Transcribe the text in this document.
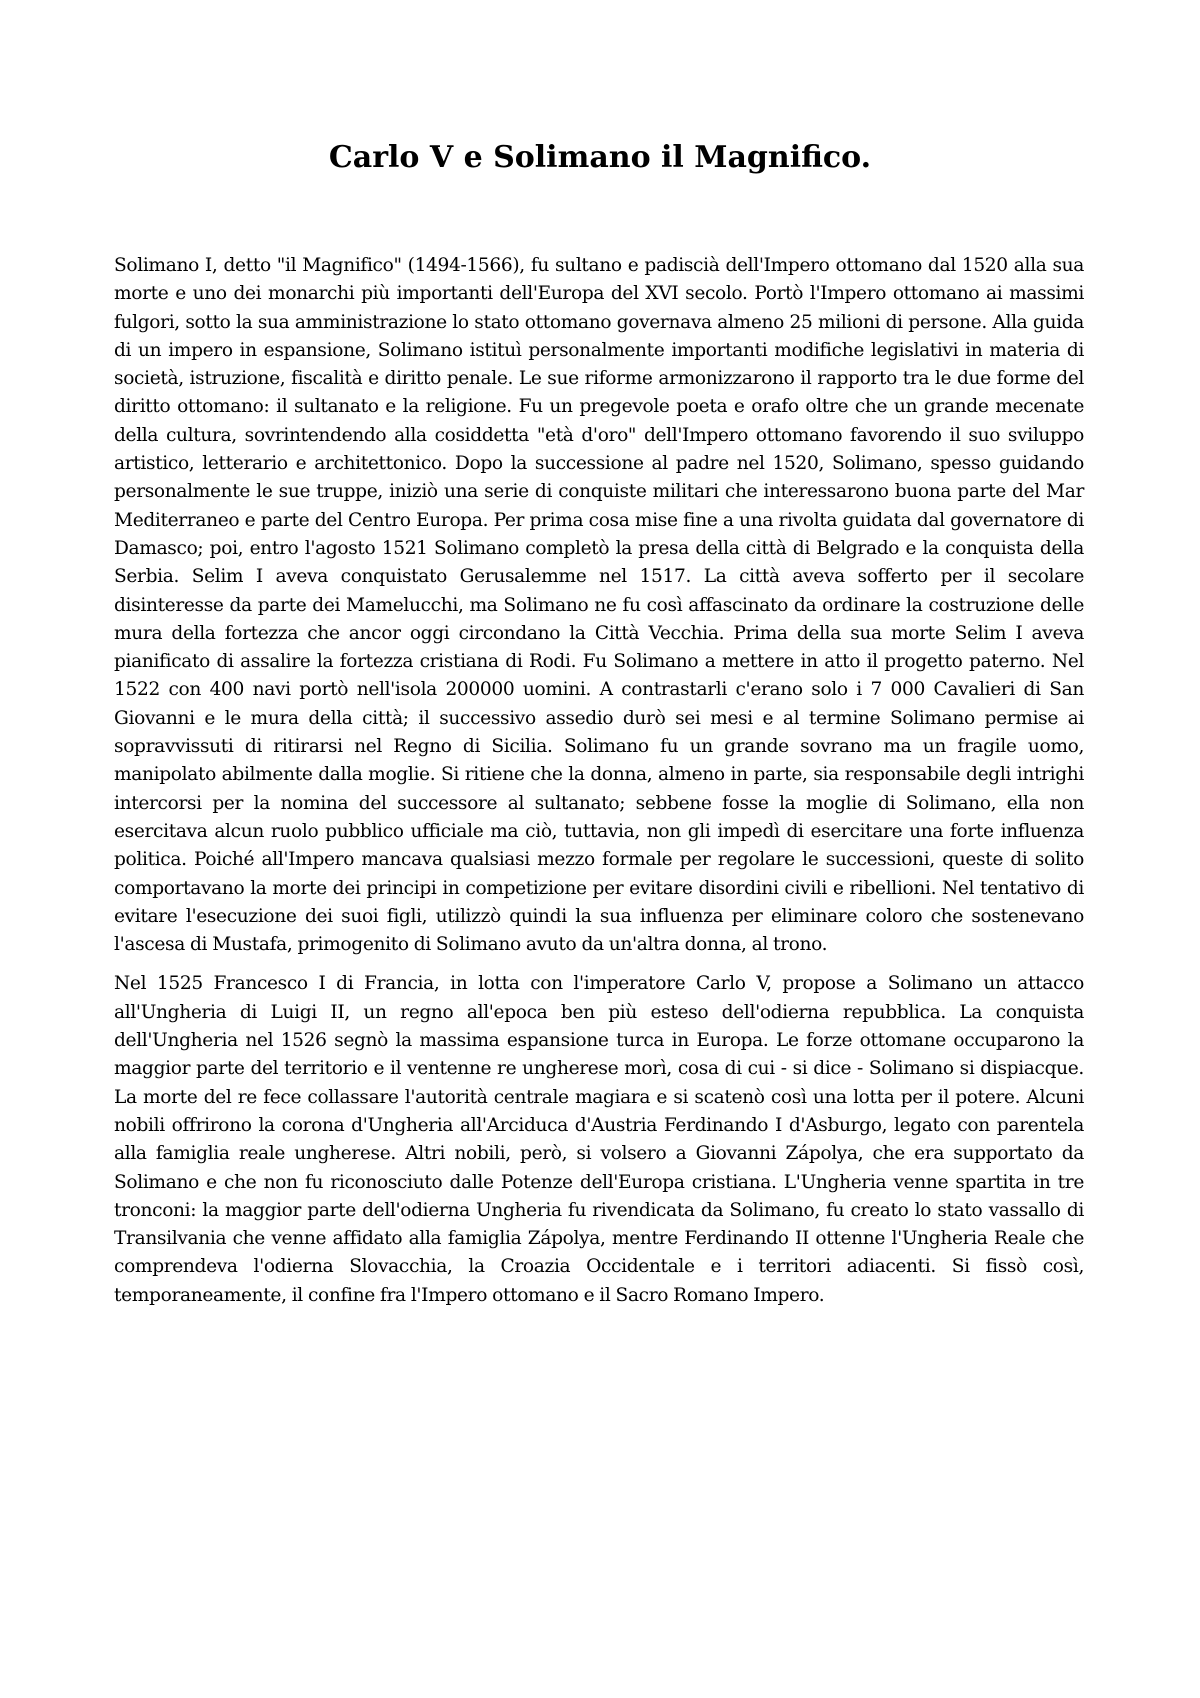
Carlo V e Solimano il Magnifico.

Solimano I, detto "il Magnifico" (1494-1566), fu sultano e padiscià dell'Impero ottomano dal 1520 alla sua morte e uno dei monarchi più importanti dell'Europa del XVI secolo. Portò l'Impero ottomano ai massimi fulgori, sotto la sua amministrazione lo stato ottomano governava almeno 25 milioni di persone. Alla guida di un impero in espansione, Solimano istituì personalmente importanti modifiche legislativi in materia di società, istruzione, fiscalità e diritto penale. Le sue riforme armonizzarono il rapporto tra le due forme del diritto ottomano: il sultanato e la religione. Fu un pregevole poeta e orafo oltre che un grande mecenate della cultura, sovrintendendo alla cosiddetta "età d'oro" dell'Impero ottomano favorendo il suo sviluppo artistico, letterario e architettonico. Dopo la successione al padre nel 1520, Solimano, spesso guidando personalmente le sue truppe, iniziò una serie di conquiste militari che interessarono buona parte del Mar Mediterraneo e parte del Centro Europa. Per prima cosa mise fine a una rivolta guidata dal governatore di Damasco; poi, entro l'agosto 1521 Solimano completò la presa della città di Belgrado e la conquista della Serbia. Selim I aveva conquistato Gerusalemme nel 1517. La città aveva sofferto per il secolare disinteresse da parte dei Mamelucchi, ma Solimano ne fu così affascinato da ordinare la costruzione delle mura della fortezza che ancor oggi circondano la Città Vecchia. Prima della sua morte Selim I aveva pianificato di assalire la fortezza cristiana di Rodi. Fu Solimano a mettere in atto il progetto paterno. Nel 1522 con 400 navi portò nell'isola 200000 uomini. A contrastarli c'erano solo i 7 000 Cavalieri di San Giovanni e le mura della città; il successivo assedio durò sei mesi e al termine Solimano permise ai sopravvissuti di ritirarsi nel Regno di Sicilia. Solimano fu un grande sovrano ma un fragile uomo, manipolato abilmente dalla moglie. Si ritiene che la donna, almeno in parte, sia responsabile degli intrighi intercorsi per la nomina del successore al sultanato; sebbene fosse la moglie di Solimano, ella non esercitava alcun ruolo pubblico ufficiale ma ciò, tuttavia, non gli impedì di esercitare una forte influenza politica. Poiché all'Impero mancava qualsiasi mezzo formale per regolare le successioni, queste di solito comportavano la morte dei principi in competizione per evitare disordini civili e ribellioni. Nel tentativo di evitare l'esecuzione dei suoi figli, utilizzò quindi la sua influenza per eliminare coloro che sostenevano l'ascesa di Mustafa, primogenito di Solimano avuto da un'altra donna, al trono.

Nel 1525 Francesco I di Francia, in lotta con l'imperatore Carlo V, propose a Solimano un attacco all'Ungheria di Luigi II, un regno all'epoca ben più esteso dell'odierna repubblica. La conquista dell'Ungheria nel 1526 segnò la massima espansione turca in Europa. Le forze ottomane occuparono la maggior parte del territorio e il ventenne re ungherese morì, cosa di cui - si dice - Solimano si dispiacque. La morte del re fece collassare l'autorità centrale magiara e si scatenò così una lotta per il potere. Alcuni nobili offrirono la corona d'Ungheria all'Arciduca d'Austria Ferdinando I d'Asburgo, legato con parentela alla famiglia reale ungherese. Altri nobili, però, si volsero a Giovanni Zápolya, che era supportato da Solimano e che non fu riconosciuto dalle Potenze dell'Europa cristiana. L'Ungheria venne spartita in tre tronconi: la maggior parte dell'odierna Ungheria fu rivendicata da Solimano, fu creato lo stato vassallo di Transilvania che venne affidato alla famiglia Zápolya, mentre Ferdinando II ottenne l'Ungheria Reale che comprendeva l'odierna Slovacchia, la Croazia Occidentale e i territori adiacenti. Si fissò così, temporaneamente, il confine fra l'Impero ottomano e il Sacro Romano Impero.
